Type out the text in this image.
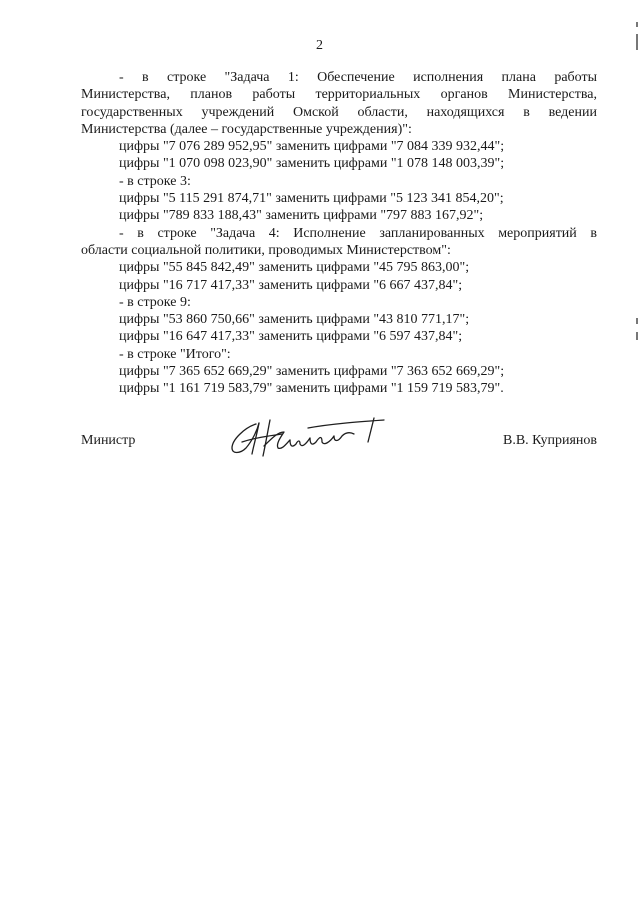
2
- в строке "Задача 1: Обеспечение исполнения плана работы
Министерства, планов работы территориальных органов Министерства,
государственных учреждений Омской области, находящихся в ведении
Министерства (далее – государственные учреждения)":
цифры "7 076 289 952,95" заменить цифрами "7 084 339 932,44";
цифры "1 070 098 023,90" заменить цифрами "1 078 148 003,39";
- в строке 3:
цифры "5 115 291 874,71" заменить цифрами "5 123 341 854,20";
цифры "789 833 188,43" заменить цифрами "797 883 167,92";
- в строке "Задача 4: Исполнение запланированных мероприятий в
области социальной политики, проводимых Министерством":
цифры "55 845 842,49" заменить цифрами "45 795 863,00";
цифры "16 717 417,33" заменить цифрами "6 667 437,84";
- в строке 9:
цифры "53 860 750,66" заменить цифрами "43 810 771,17";
цифры "16 647 417,33" заменить цифрами "6 597 437,84";
- в строке "Итого":
цифры "7 365 652 669,29" заменить цифрами "7 363 652 669,29";
цифры "1 161 719 583,79" заменить цифрами "1 159 719 583,79".
Министр	В.В. Куприянов
